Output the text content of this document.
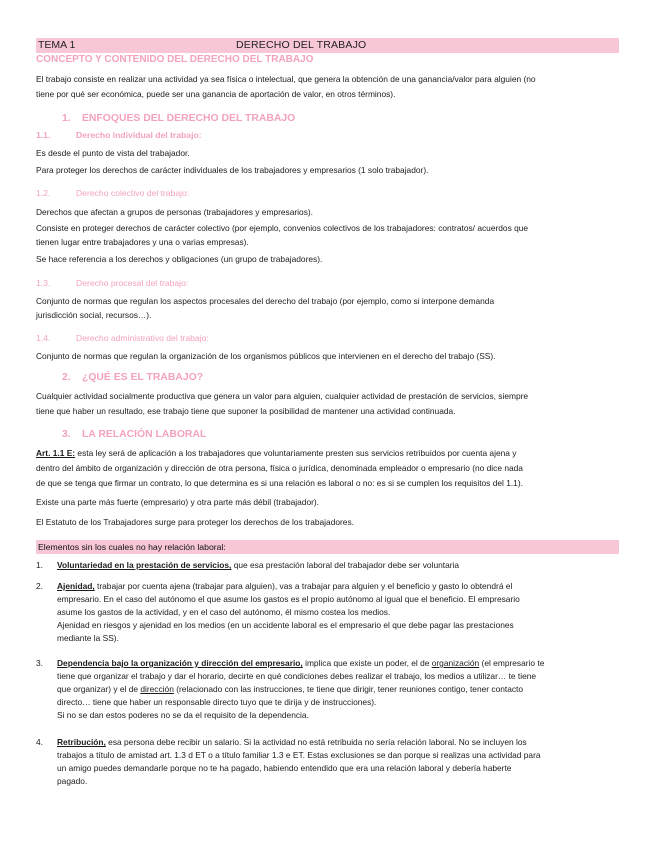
TEMA 1	DERECHO DEL TRABAJO
CONCEPTO Y CONTENIDO DEL DERECHO DEL TRABAJO
El trabajo consiste en realizar una actividad ya sea física o intelectual, que genera la obtención de una ganancia/valor para alguien (no
tiene por qué ser económica, puede ser una ganancia de aportación de valor, en otros términos).
1. ENFOQUES DEL DERECHO DEL TRABAJO
1.1.	Derecho individual del trabajo:
Es desde el punto de vista del trabajador.
Para proteger los derechos de carácter individuales de los trabajadores y empresarios (1 solo trabajador).
1.2.	Derecho colectivo del trabajo:
Derechos que afectan a grupos de personas (trabajadores y empresarios).
Consiste en proteger derechos de carácter colectivo (por ejemplo, convenios colectivos de los trabajadores: contratos/ acuerdos que
tienen lugar entre trabajadores y una o varias empresas).
Se hace referencia a los derechos y obligaciones (un grupo de trabajadores).
1.3.	Derecho procesal del trabajo:
Conjunto de normas que regulan los aspectos procesales del derecho del trabajo (por ejemplo, como si interpone demanda
jurisdicción social, recursos…).
1.4.	Derecho administrativo del trabajo:
Conjunto de normas que regulan la organización de los organismos públicos que intervienen en el derecho del trabajo (SS).
2. ¿QUÉ ES EL TRABAJO?
Cualquier actividad socialmente productiva que genera un valor para alguien, cualquier actividad de prestación de servicios, siempre
tiene que haber un resultado, ese trabajo tiene que suponer la posibilidad de mantener una actividad continuada.
3. LA RELACIÓN LABORAL
Art. 1.1 E: esta ley será de aplicación a los trabajadores que voluntariamente presten sus servicios retribuidos por cuenta ajena y
dentro del ámbito de organización y dirección de otra persona, física o jurídica, denominada empleador o empresario (no dice nada
de que se tenga que firmar un contrato, lo que determina es si una relación es laboral o no: es si se cumplen los requisitos del 1.1).
Existe una parte más fuerte (empresario) y otra parte más débil (trabajador).
El Estatuto de los Trabajadores surge para proteger los derechos de los trabajadores.
Elementos sin los cuales no hay relación laboral:
1. Voluntariedad en la prestación de servicios, que esa prestación laboral del trabajador debe ser voluntaria
2. Ajenidad, trabajar por cuenta ajena (trabajar para alguien), vas a trabajar para alguien y el beneficio y gasto lo obtendrá el
empresario. En el caso del autónomo el que asume los gastos es el propio autónomo al igual que el beneficio. El empresario
asume los gastos de la actividad, y en el caso del autónomo, él mismo costea los medios.
Ajenidad en riesgos y ajenidad en los medios (en un accidente laboral es el empresario el que debe pagar las prestaciones
mediante la SS).
3. Dependencia bajo la organización y dirección del empresario, implica que existe un poder, el de organización (el empresario te
tiene que organizar el trabajo y dar el horario, decirte en qué condiciones debes realizar el trabajo, los medios a utilizar… te tiene
que organizar) y el de dirección (relacionado con las instrucciones, te tiene que dirigir, tener reuniones contigo, tener contacto
directo… tiene que haber un responsable directo tuyo que te dirija y de instrucciones).
Si no se dan estos poderes no se da el requisito de la dependencia.
4. Retribución, esa persona debe recibir un salario. Si la actividad no está retribuida no sería relación laboral. No se incluyen los
trabajos a título de amistad art. 1.3 d ET o a título familiar 1.3 e ET. Estas exclusiones se dan porque si realizas una actividad para
un amigo puedes demandarle porque no te ha pagado, habiendo entendido que era una relación laboral y debería haberte
pagado.
